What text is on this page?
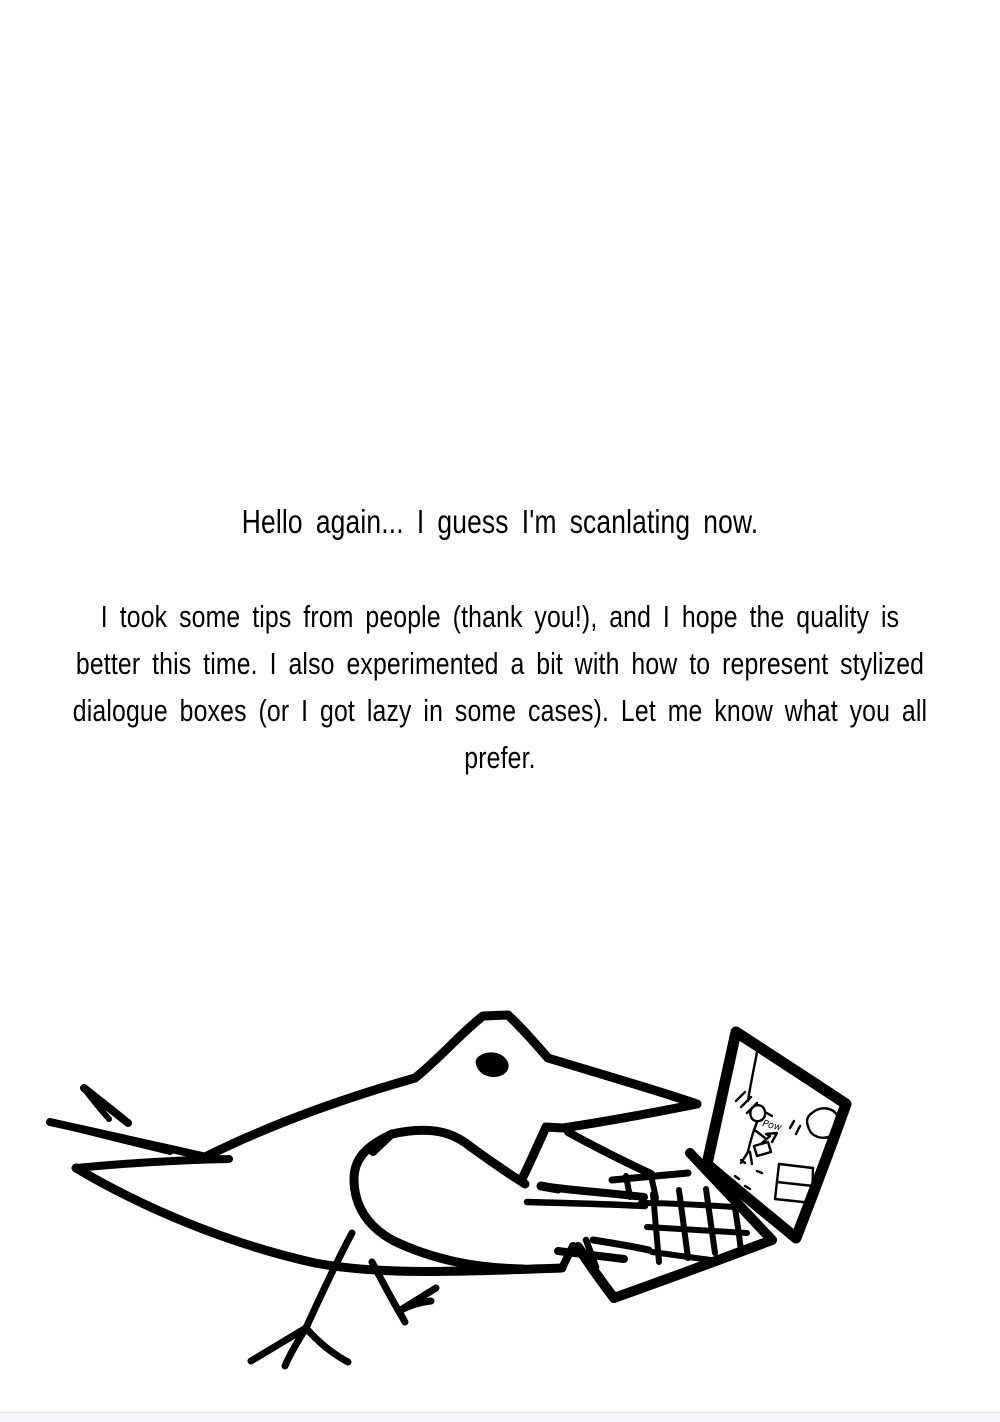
Hello again... I guess I'm scanlating now.
I took some tips from people (thank you!), and I hope the quality is
better this time. I also experimented a bit with how to represent stylized
dialogue boxes (or I got lazy in some cases). Let me know what you all
prefer.
Pow
